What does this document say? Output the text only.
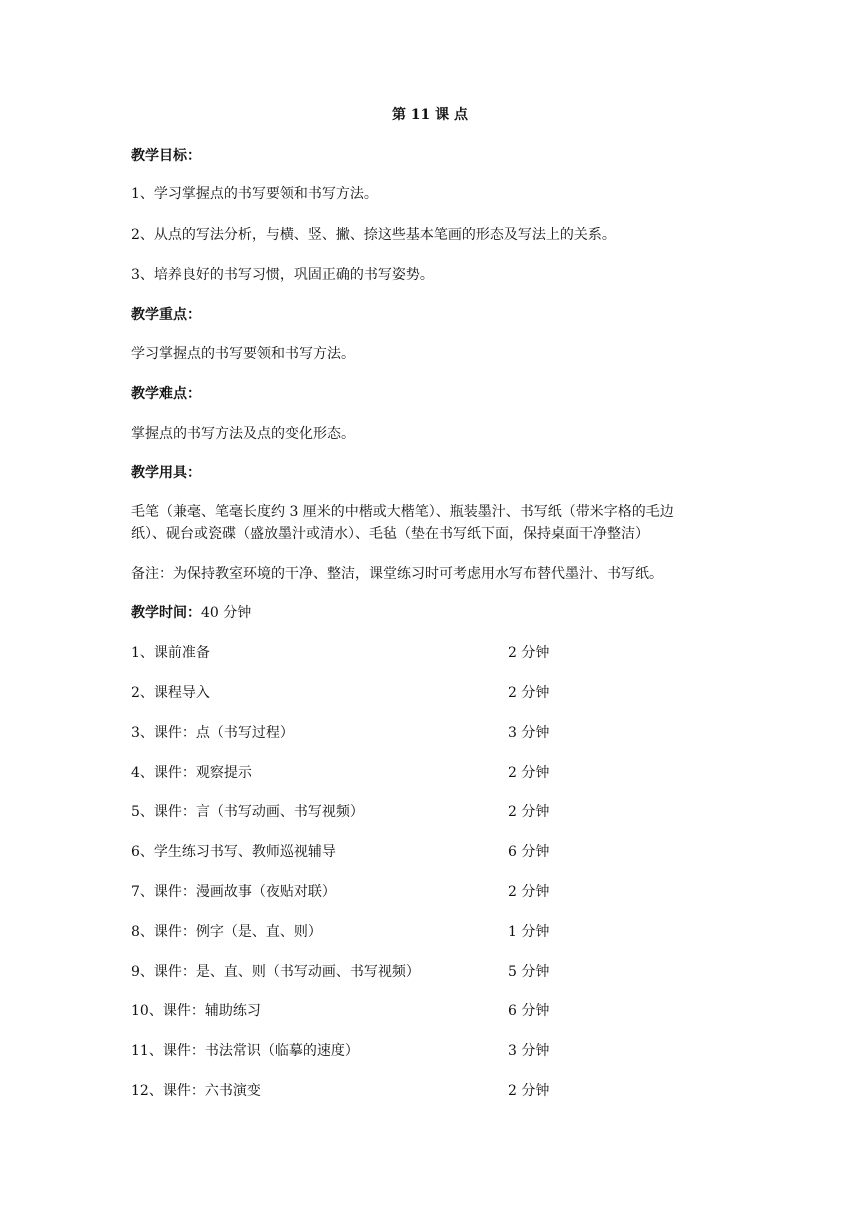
第 11 课 点
教学目标：
1、学习掌握点的书写要领和书写方法。
2、从点的写法分析，与横、竖、撇、捺这些基本笔画的形态及写法上的关系。
3、培养良好的书写习惯，巩固正确的书写姿势。
教学重点：
学习掌握点的书写要领和书写方法。
教学难点：
掌握点的书写方法及点的变化形态。
教学用具：
毛笔（兼毫、笔毫长度约 3 厘米的中楷或大楷笔）、瓶装墨汁、书写纸（带米字格的毛边
纸）、砚台或瓷碟（盛放墨汁或清水）、毛毡（垫在书写纸下面，保持桌面干净整洁）
备注：为保持教室环境的干净、整洁，课堂练习时可考虑用水写布替代墨汁、书写纸。
教学时间：40 分钟
1、课前准备	2 分钟
2、课程导入	2 分钟
3、课件：点（书写过程）	3 分钟
4、课件：观察提示	2 分钟
5、课件：言（书写动画、书写视频）	2 分钟
6、学生练习书写、教师巡视辅导	6 分钟
7、课件：漫画故事（夜贴对联）	2 分钟
8、课件：例字（是、直、则）	1 分钟
9、课件：是、直、则（书写动画、书写视频）	5 分钟
10、课件：辅助练习	6 分钟
11、课件：书法常识（临摹的速度）	3 分钟
12、课件：六书演变	2 分钟
